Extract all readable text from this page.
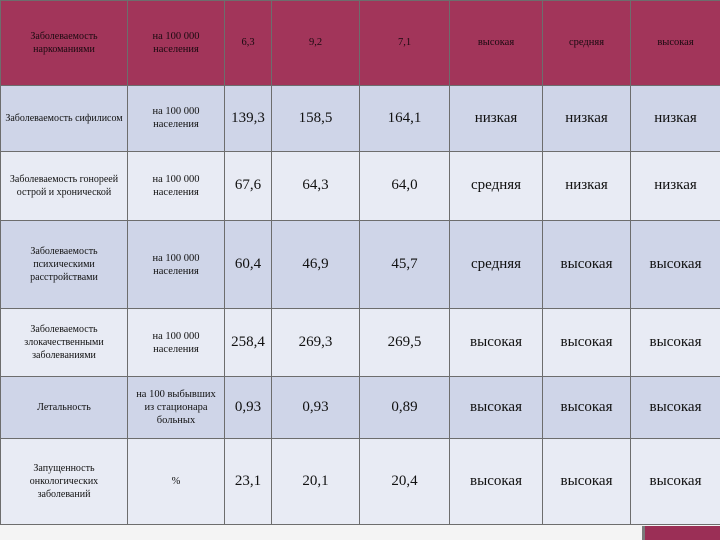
Заболеваемость наркоманиями	на 100 000 населения	6,3	9,2	7,1	высокая	средняя	высокая
Заболеваемость сифилисом	на 100 000 населения	139,3	158,5	164,1	низкая	низкая	низкая
Заболеваемость гонореей острой и хронической	на 100 000 населения	67,6	64,3	64,0	средняя	низкая	низкая
Заболеваемость психическими расстройствами	на 100 000 населения	60,4	46,9	45,7	средняя	высокая	высокая
Заболеваемость злокачественными заболеваниями	на 100 000 населения	258,4	269,3	269,5	высокая	высокая	высокая
Летальность	на 100 выбывших из стационара больных	0,93	0,93	0,89	высокая	высокая	высокая
Запущенность онкологических заболеваний	%	23,1	20,1	20,4	высокая	высокая	высокая
